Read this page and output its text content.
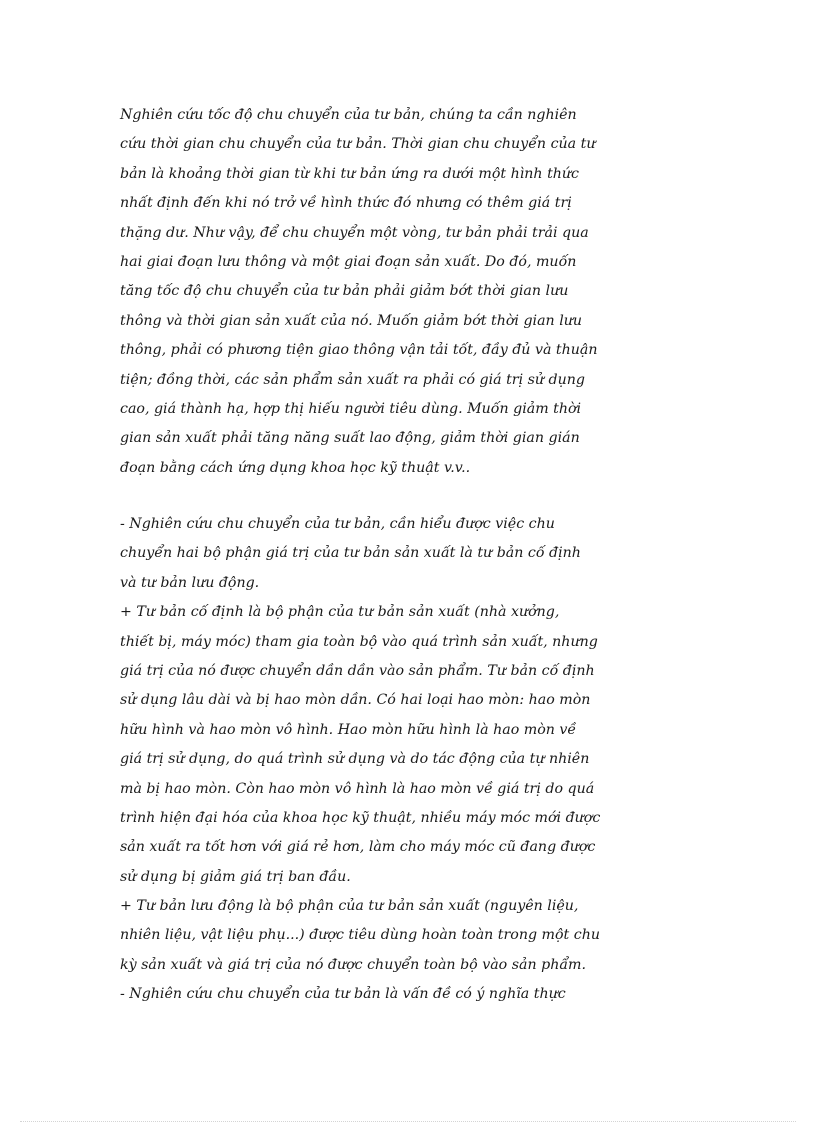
Nghiên cứu tốc độ chu chuyển của tư bản, chúng ta cần nghiên
cứu thời gian chu chuyển của tư bản. Thời gian chu chuyển của tư
bản là khoảng thời gian từ khi tư bản ứng ra dưới một hình thức
nhất định đến khi nó trở về hình thức đó nhưng có thêm giá trị
thặng dư. Như vậy, để chu chuyển một vòng, tư bản phải trải qua
hai giai đoạn lưu thông và một giai đoạn sản xuất. Do đó, muốn
tăng tốc độ chu chuyển của tư bản phải giảm bớt thời gian lưu
thông và thời gian sản xuất của nó. Muốn giảm bớt thời gian lưu
thông, phải có phương tiện giao thông vận tải tốt, đầy đủ và thuận
tiện; đồng thời, các sản phẩm sản xuất ra phải có giá trị sử dụng
cao, giá thành hạ, hợp thị hiếu người tiêu dùng. Muốn giảm thời
gian sản xuất phải tăng năng suất lao động, giảm thời gian gián
đoạn bằng cách ứng dụng khoa học kỹ thuật v.v..
- Nghiên cứu chu chuyển của tư bản, cần hiểu được việc chu
chuyển hai bộ phận giá trị của tư bản sản xuất là tư bản cố định
và tư bản lưu động.
+ Tư bản cố định là bộ phận của tư bản sản xuất (nhà xưởng,
thiết bị, máy móc) tham gia toàn bộ vào quá trình sản xuất, nhưng
giá trị của nó được chuyển dần dần vào sản phẩm. Tư bản cố định
sử dụng lâu dài và bị hao mòn dần. Có hai loại hao mòn: hao mòn
hữu hình và hao mòn vô hình. Hao mòn hữu hình là hao mòn về
giá trị sử dụng, do quá trình sử dụng và do tác động của tự nhiên
mà bị hao mòn. Còn hao mòn vô hình là hao mòn về giá trị do quá
trình hiện đại hóa của khoa học kỹ thuật, nhiều máy móc mới được
sản xuất ra tốt hơn với giá rẻ hơn, làm cho máy móc cũ đang được
sử dụng bị giảm giá trị ban đầu.
+ Tư bản lưu động là bộ phận của tư bản sản xuất (nguyên liệu,
nhiên liệu, vật liệu phụ...) được tiêu dùng hoàn toàn trong một chu
kỳ sản xuất và giá trị của nó được chuyển toàn bộ vào sản phẩm.
- Nghiên cứu chu chuyển của tư bản là vấn đề có ý nghĩa thực
